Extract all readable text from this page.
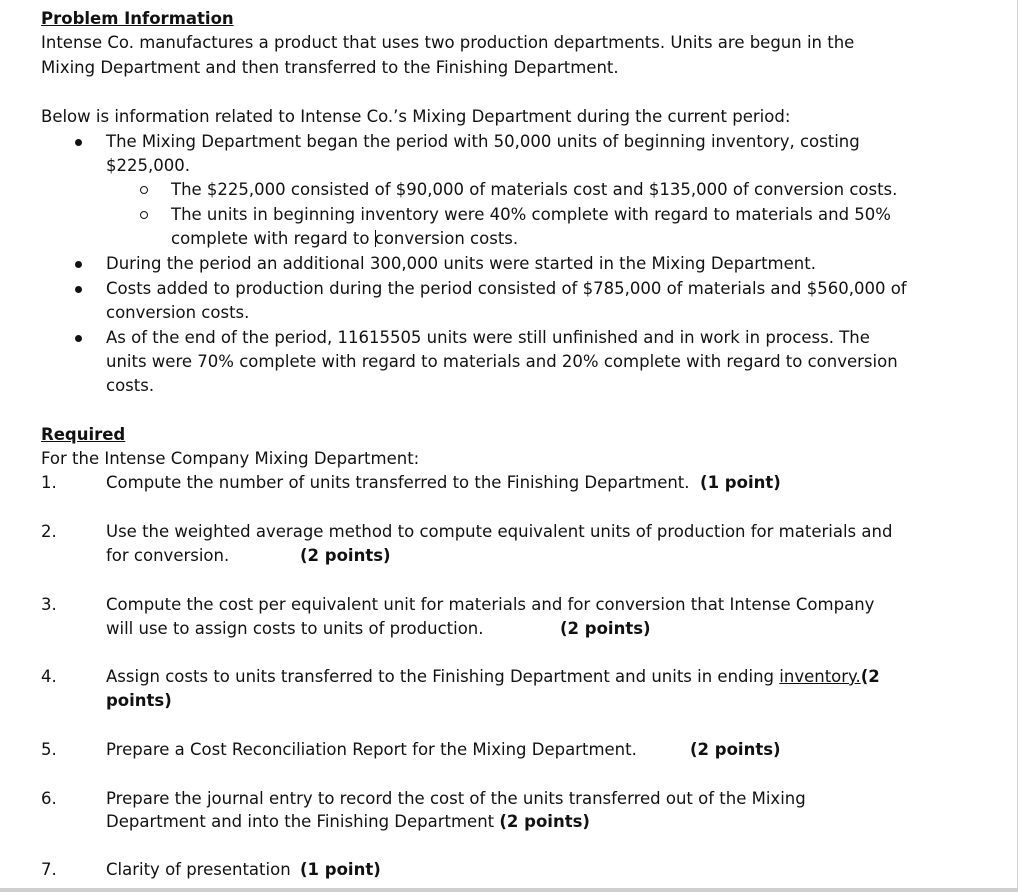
Problem Information
Intense Co. manufactures a product that uses two production departments. Units are begun in the
Mixing Department and then transferred to the Finishing Department.
Below is information related to Intense Co.’s Mixing Department during the current period:
The Mixing Department began the period with 50,000 units of beginning inventory, costing
$225,000.
The $225,000 consisted of $90,000 of materials cost and $135,000 of conversion costs.
The units in beginning inventory were 40% complete with regard to materials and 50%
complete with regard to conversion costs.
During the period an additional 300,000 units were started in the Mixing Department.
Costs added to production during the period consisted of $785,000 of materials and $560,000 of
conversion costs.
As of the end of the period, 11615505 units were still unfinished and in work in process. The
units were 70% complete with regard to materials and 20% complete with regard to conversion
costs.
Required
For the Intense Company Mixing Department:
1.	Compute the number of units transferred to the Finishing Department. (1 point)
2.	Use the weighted average method to compute equivalent units of production for materials and
for conversion.	(2 points)
3.	Compute the cost per equivalent unit for materials and for conversion that Intense Company
will use to assign costs to units of production.	(2 points)
4.	Assign costs to units transferred to the Finishing Department and units in ending inventory.(2
points)
5.	Prepare a Cost Reconciliation Report for the Mixing Department.	(2 points)
6.	Prepare the journal entry to record the cost of the units transferred out of the Mixing
Department and into the Finishing Department (2 points)
7.	Clarity of presentation (1 point)
